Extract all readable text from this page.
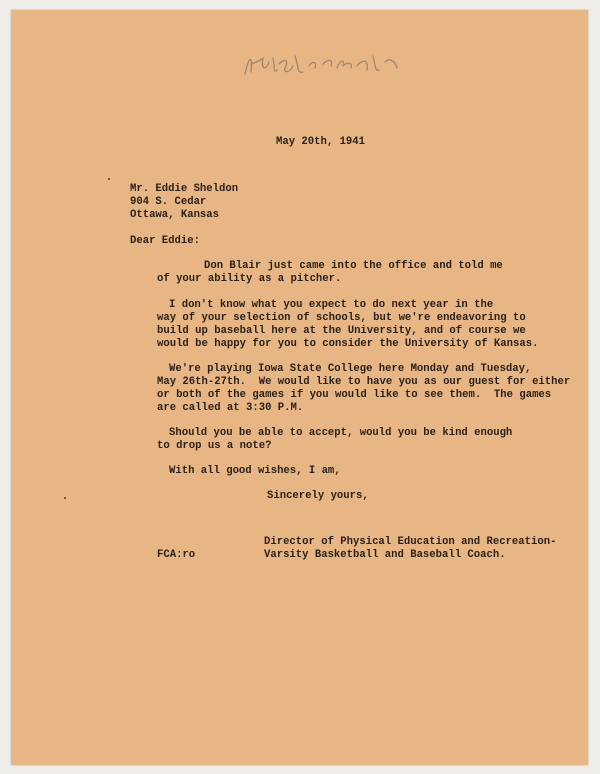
May 20th, 1941
Mr. Eddie Sheldon
904 S. Cedar
Ottawa, Kansas
Dear Eddie:
Don Blair just came into the office and told me
of your ability as a pitcher.
I don't know what you expect to do next year in the
way of your selection of schools, but we're endeavoring to
build up baseball here at the University, and of course we
would be happy for you to consider the University of Kansas.
We're playing Iowa State College here Monday and Tuesday,
May 26th-27th.  We would like to have you as our guest for either
or both of the games if you would like to see them.  The games
are called at 3:30 P.M.
Should you be able to accept, would you be kind enough
to drop us a note?
With all good wishes, I am,
Sincerely yours,
Director of Physical Education and Recreation-
Varsity Basketball and Baseball Coach.
FCA:ro
